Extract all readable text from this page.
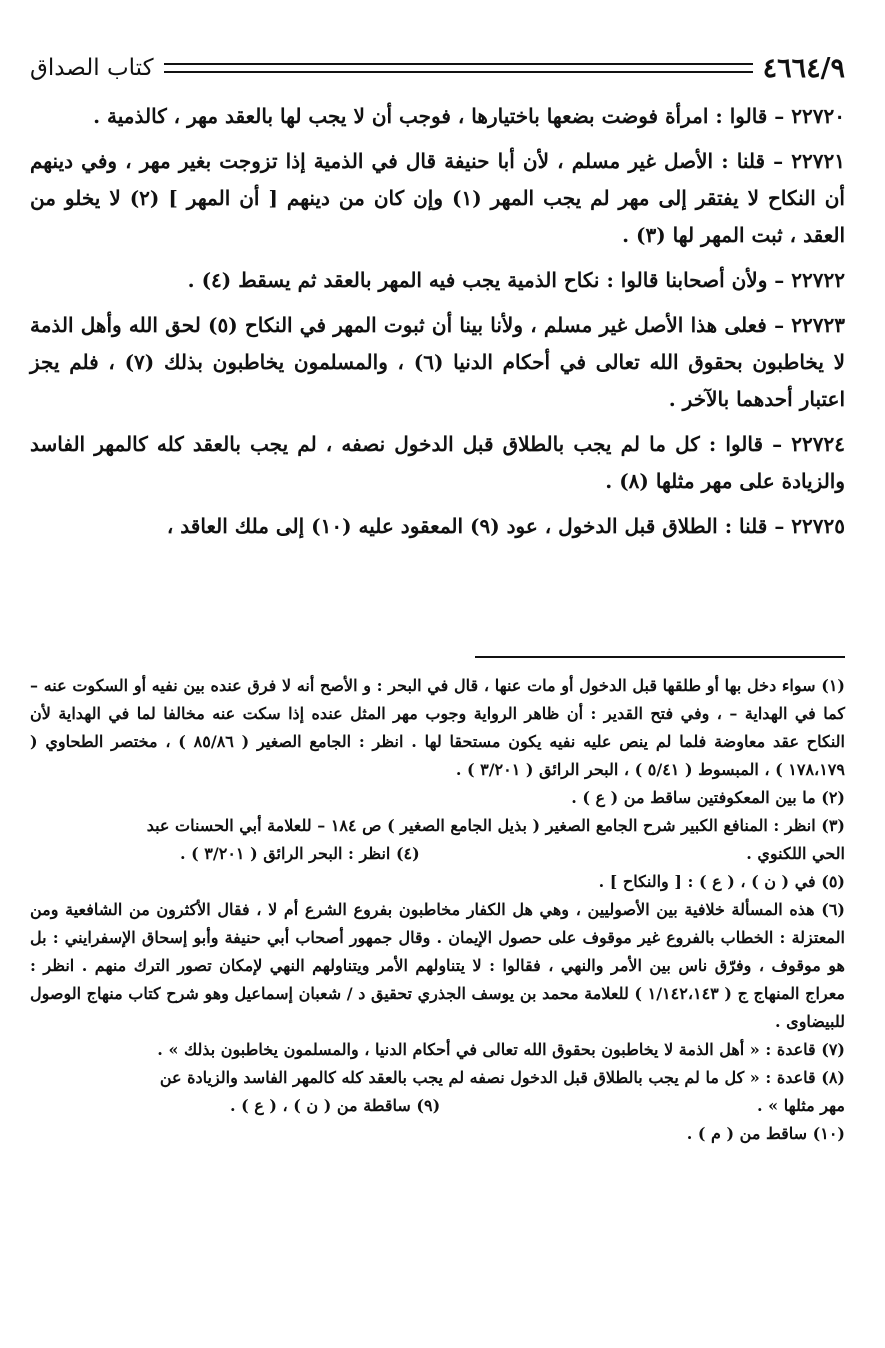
٤٦٦٤/٩
كتاب الصداق

٢٢٧٢٠ – قالوا : امرأة فوضت بضعها باختيارها ، فوجب أن لا يجب لها بالعقد مهر ، كالذمية .

٢٢٧٢١ – قلنا : الأصل غير مسلم ، لأن أبا حنيفة قال في الذمية إذا تزوجت بغير مهر ، وفي دينهم أن النكاح لا يفتقر إلى مهر لم يجب المهر (١) وإن كان من دينهم [ أن المهر ] (٢) لا يخلو من العقد ، ثبت المهر لها (٣) .

٢٢٧٢٢ – ولأن أصحابنا قالوا : نكاح الذمية يجب فيه المهر بالعقد ثم يسقط (٤) .

٢٢٧٢٣ – فعلى هذا الأصل غير مسلم ، ولأنا بينا أن ثبوت المهر في النكاح (٥) لحق الله وأهل الذمة لا يخاطبون بحقوق الله تعالى في أحكام الدنيا (٦) ، والمسلمون يخاطبون بذلك (٧) ، فلم يجز اعتبار أحدهما بالآخر .

٢٢٧٢٤ – قالوا : كل ما لم يجب بالطلاق قبل الدخول نصفه ، لم يجب بالعقد كله كالمهر الفاسد والزيادة على مهر مثلها (٨) .

٢٢٧٢٥ – قلنا : الطلاق قبل الدخول ، عود (٩) المعقود عليه (١٠) إلى ملك العاقد ،

(١) سواء دخل بها أو طلقها قبل الدخول أو مات عنها ، قال في البحر : و الأصح أنه لا فرق عنده بين نفيه أو السكوت عنه – كما في الهداية – ، وفي فتح القدير : أن ظاهر الرواية وجوب مهر المثل عنده إذا سكت عنه مخالفا لما في الهداية لأن النكاح عقد معاوضة فلما لم ينص عليه نفيه يكون مستحقا لها . انظر : الجامع الصغير ( ٨٥/٨٦ ) ، مختصر الطحاوي ( ١٧٨،١٧٩ ) ، المبسوط ( ٥/٤١ ) ، البحر الرائق ( ٣/٢٠١ ) .

(٢) ما بين المعكوفتين ساقط من ( ع ) .

(٣) انظر : المنافع الكبير شرح الجامع الصغير ( بذيل الجامع الصغير ) ص ١٨٤ – للعلامة أبي الحسنات عبد

الحي اللكنوي .
(٤) انظر : البحر الرائق ( ٣/٢٠١ ) .

(٥) في ( ن ) ، ( ع ) : [ والنكاح ] .

(٦) هذه المسألة خلافية بين الأصوليين ، وهي هل الكفار مخاطبون بفروع الشرع أم لا ، فقال الأكثرون من الشافعية ومن المعتزلة : الخطاب بالفروع غير موقوف على حصول الإيمان . وقال جمهور أصحاب أبي حنيفة وأبو إسحاق الإسفرايني : بل هو موقوف ، وفرّق ناس بين الأمر والنهي ، فقالوا : لا يتناولهم الأمر ويتناولهم النهي لإمكان تصور الترك منهم . انظر : معراج المنهاج ج ( ١/١٤٢،١٤٣ ) للعلامة محمد بن يوسف الجذري تحقيق د / شعبان إسماعيل وهو شرح كتاب منهاج الوصول للبيضاوى .

(٧) قاعدة : « أهل الذمة لا يخاطبون بحقوق الله تعالى في أحكام الدنيا ، والمسلمون يخاطبون بذلك » .

(٨) قاعدة : « كل ما لم يجب بالطلاق قبل الدخول نصفه لم يجب بالعقد كله كالمهر الفاسد والزيادة عن

مهر مثلها » .
(٩) ساقطة من ( ن ) ، ( ع ) .

(١٠) ساقط من ( م ) .
